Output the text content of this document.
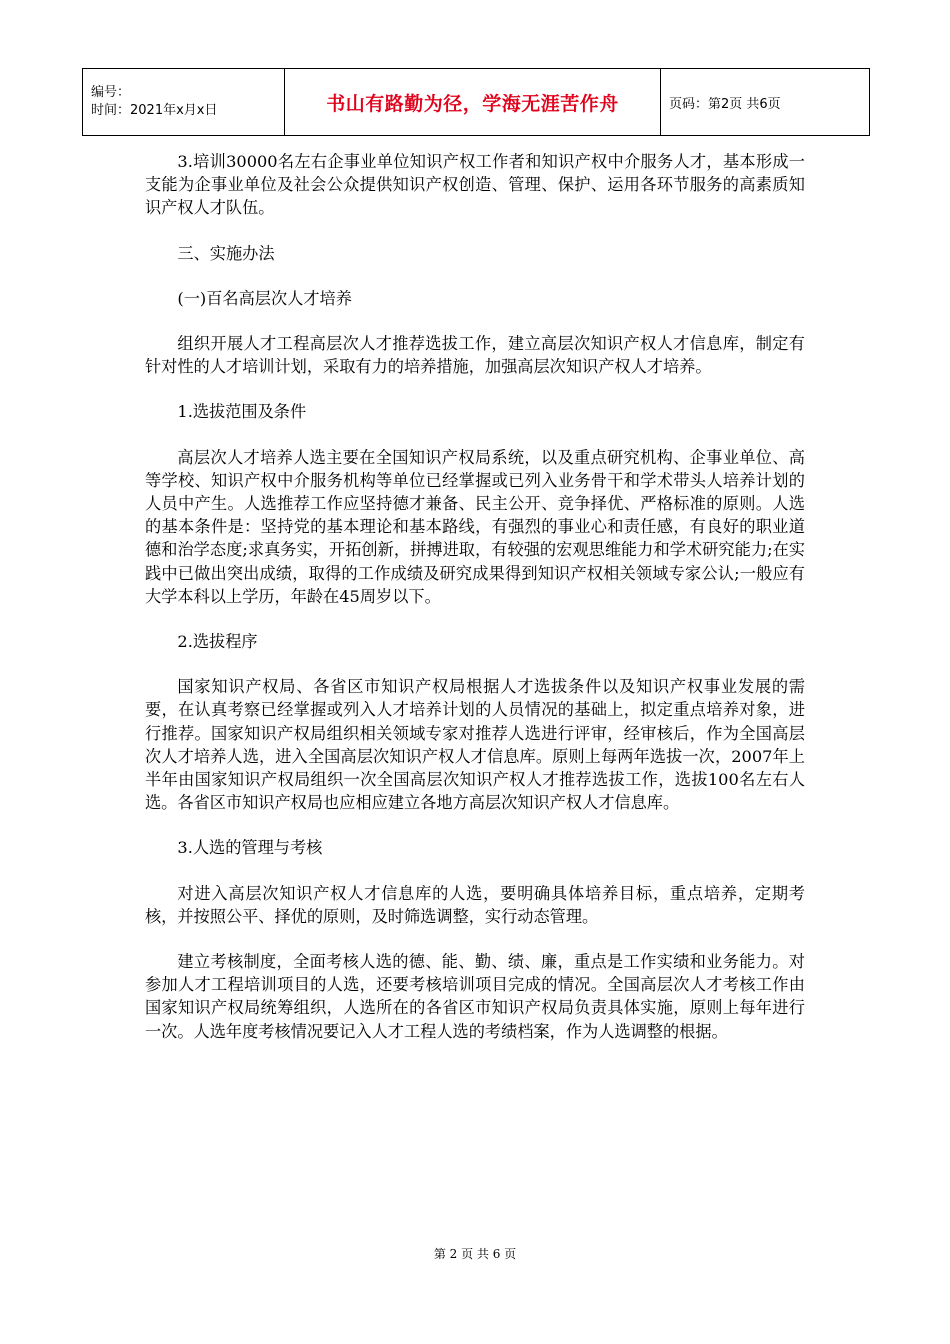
编号：
时间：2021年x月x日	书山有路勤为径，学海无涯苦作舟	页码：第2页 共6页

3.培训30000名左右企事业单位知识产权工作者和知识产权中介服务人才，基本形成一支能为企事业单位及社会公众提供知识产权创造、管理、保护、运用各环节服务的高素质知识产权人才队伍。

三、实施办法

(一)百名高层次人才培养

组织开展人才工程高层次人才推荐选拔工作，建立高层次知识产权人才信息库，制定有针对性的人才培训计划，采取有力的培养措施，加强高层次知识产权人才培养。

1.选拔范围及条件

高层次人才培养人选主要在全国知识产权局系统，以及重点研究机构、企事业单位、高等学校、知识产权中介服务机构等单位已经掌握或已列入业务骨干和学术带头人培养计划的人员中产生。人选推荐工作应坚持德才兼备、民主公开、竞争择优、严格标准的原则。人选的基本条件是：坚持党的基本理论和基本路线，有强烈的事业心和责任感，有良好的职业道德和治学态度;求真务实，开拓创新，拼搏进取，有较强的宏观思维能力和学术研究能力;在实践中已做出突出成绩，取得的工作成绩及研究成果得到知识产权相关领域专家公认;一般应有大学本科以上学历，年龄在45周岁以下。

2.选拔程序

国家知识产权局、各省区市知识产权局根据人才选拔条件以及知识产权事业发展的需要，在认真考察已经掌握或列入人才培养计划的人员情况的基础上，拟定重点培养对象，进行推荐。国家知识产权局组织相关领域专家对推荐人选进行评审，经审核后，作为全国高层次人才培养人选，进入全国高层次知识产权人才信息库。原则上每两年选拔一次，2007年上半年由国家知识产权局组织一次全国高层次知识产权人才推荐选拔工作，选拔100名左右人选。各省区市知识产权局也应相应建立各地方高层次知识产权人才信息库。

3.人选的管理与考核

对进入高层次知识产权人才信息库的人选，要明确具体培养目标，重点培养，定期考核，并按照公平、择优的原则，及时筛选调整，实行动态管理。

建立考核制度，全面考核人选的德、能、勤、绩、廉，重点是工作实绩和业务能力。对参加人才工程培训项目的人选，还要考核培训项目完成的情况。全国高层次人才考核工作由国家知识产权局统筹组织，人选所在的各省区市知识产权局负责具体实施，原则上每年进行一次。人选年度考核情况要记入人才工程人选的考绩档案，作为人选调整的根据。

第 2 页 共 6 页
